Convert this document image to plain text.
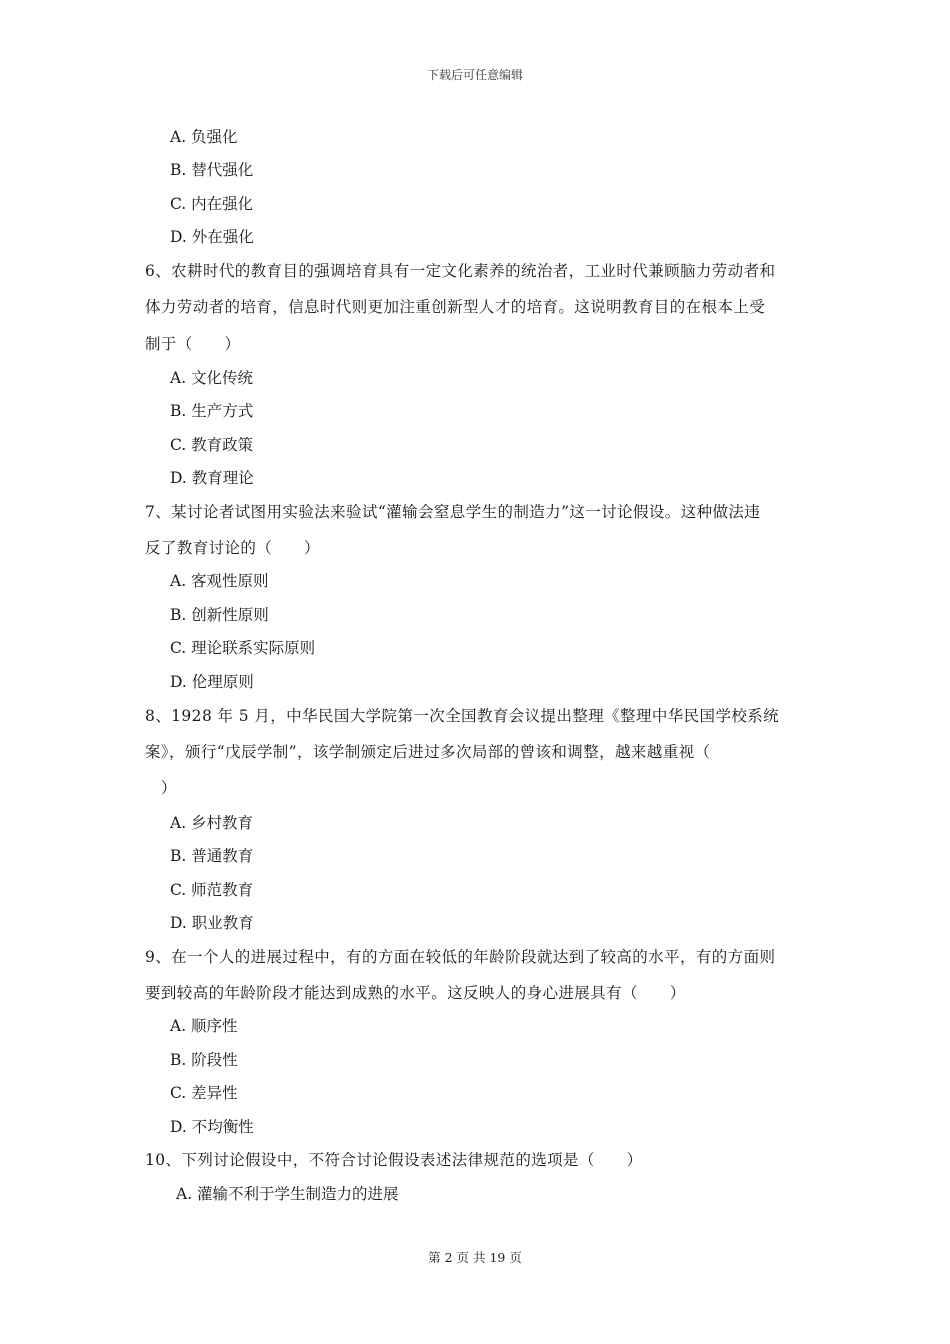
下载后可任意编辑
A. 负强化
B. 替代强化
C. 内在强化
D. 外在强化
6、农耕时代的教育目的强调培育具有一定文化素养的统治者，工业时代兼顾脑力劳动者和
体力劳动者的培育，信息时代则更加注重创新型人才的培育。这说明教育目的在根本上受
制于（　　）
A. 文化传统
B. 生产方式
C. 教育政策
D. 教育理论
7、某讨论者试图用实验法来验试“灌输会窒息学生的制造力”这一讨论假设。这种做法违
反了教育讨论的（　　）
A. 客观性原则
B. 创新性原则
C. 理论联系实际原则
D. 伦理原则
8、1928 年 5 月，中华民国大学院第一次全国教育会议提出整理《整理中华民国学校系统
案》，颁行“戊辰学制”，该学制颁定后进过多次局部的曾该和调整，越来越重视（
　）
A. 乡村教育
B. 普通教育
C. 师范教育
D. 职业教育
9、在一个人的进展过程中，有的方面在较低的年龄阶段就达到了较高的水平，有的方面则
要到较高的年龄阶段才能达到成熟的水平。这反映人的身心进展具有（　　）
A. 顺序性
B. 阶段性
C. 差异性
D. 不均衡性
10、下列讨论假设中，不符合讨论假设表述法律规范的选项是（　　）
A. 灌输不利于学生制造力的进展
第 2 页 共 19 页
